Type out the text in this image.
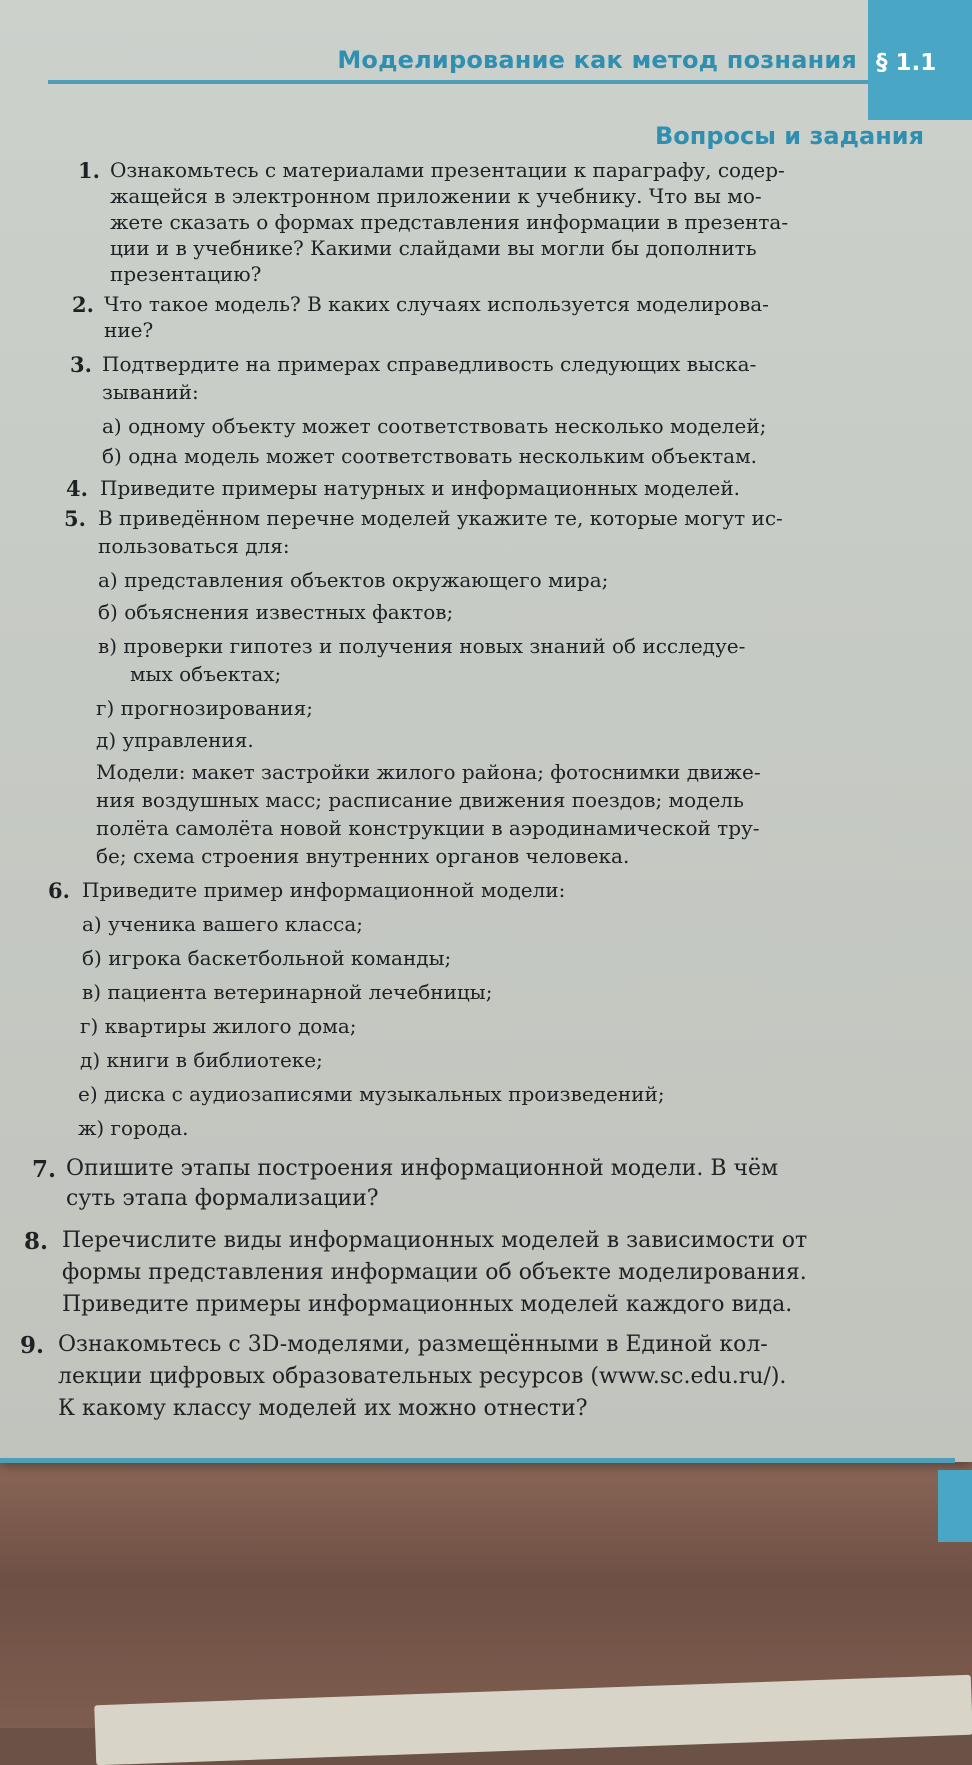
§ 1.1
Моделирование как метод познания
Вопросы и задания
1. Ознакомьтесь с материалами презентации к параграфу, содер-
жащейся в электронном приложении к учебнику. Что вы мо-
жете сказать о формах представления информации в презента-
ции и в учебнике? Какими слайдами вы могли бы дополнить
презентацию?
2. Что такое модель? В каких случаях используется моделирова-
ние?
3. Подтвердите на примерах справедливость следующих выска-
зываний:
а) одному объекту может соответствовать несколько моделей;
б) одна модель может соответствовать нескольким объектам.
4. Приведите примеры натурных и информационных моделей.
5. В приведённом перечне моделей укажите те, которые могут ис-
пользоваться для:
а) представления объектов окружающего мира;
б) объяснения известных фактов;
в) проверки гипотез и получения новых знаний об исследуе-
мых объектах;
г) прогнозирования;
д) управления.
Модели: макет застройки жилого района; фотоснимки движе-
ния воздушных масс; расписание движения поездов; модель
полёта самолёта новой конструкции в аэродинамической тру-
бе; схема строения внутренних органов человека.
6. Приведите пример информационной модели:
а) ученика вашего класса;
б) игрока баскетбольной команды;
в) пациента ветеринарной лечебницы;
г) квартиры жилого дома;
д) книги в библиотеке;
е) диска с аудиозаписями музыкальных произведений;
ж) города.
7. Опишите этапы построения информационной модели. В чём
суть этапа формализации?
8. Перечислите виды информационных моделей в зависимости от
формы представления информации об объекте моделирования.
Приведите примеры информационных моделей каждого вида.
9. Ознакомьтесь с 3D-моделями, размещёнными в Единой кол-
лекции цифровых образовательных ресурсов (www.sc.edu.ru/).
К какому классу моделей их можно отнести?
